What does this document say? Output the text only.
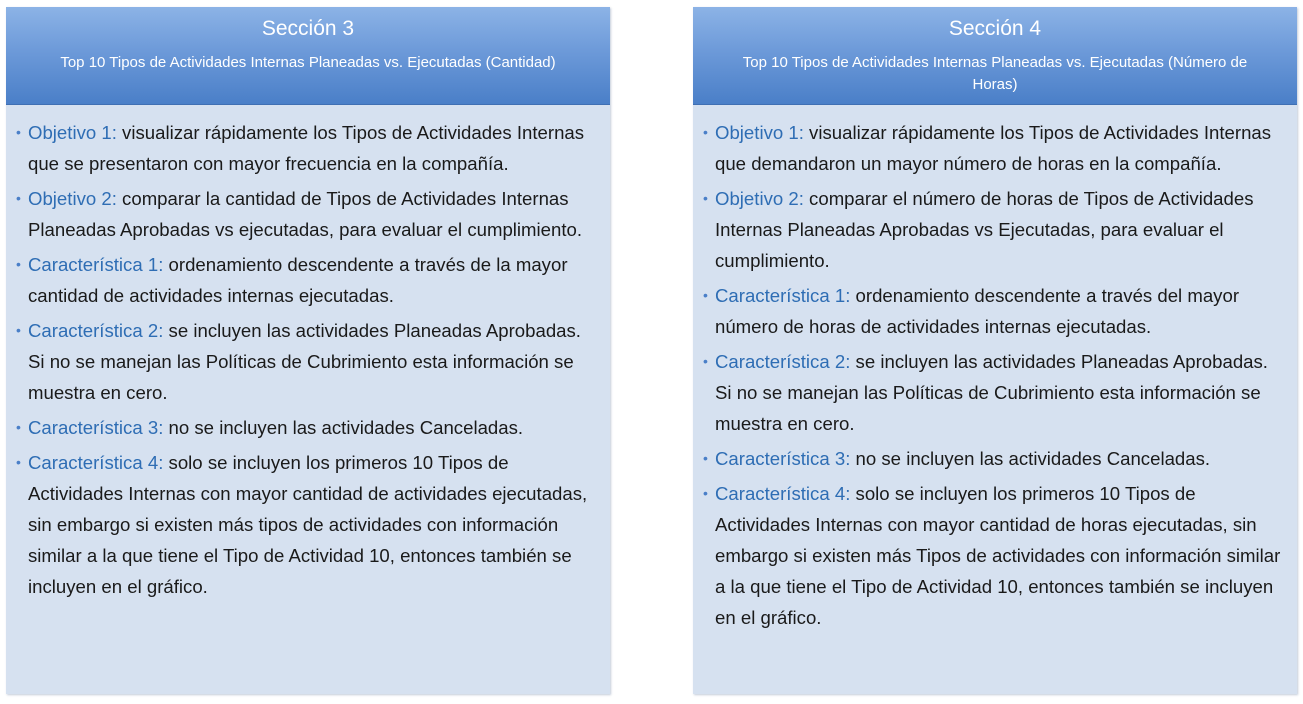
Sección 3

Top 10 Tipos de Actividades Internas Planeadas vs. Ejecutadas (Cantidad)

• Objetivo 1: visualizar rápidamente los Tipos de Actividades Internas que se presentaron con mayor frecuencia en la compañía.
• Objetivo 2: comparar la cantidad de Tipos de Actividades Internas Planeadas Aprobadas vs ejecutadas, para evaluar el cumplimiento.
• Característica 1: ordenamiento descendente a través de la mayor cantidad de actividades internas ejecutadas.
• Característica 2: se incluyen las actividades Planeadas Aprobadas. Si no se manejan las Políticas de Cubrimiento esta información se muestra en cero.
• Característica 3: no se incluyen las actividades Canceladas.
• Característica 4: solo se incluyen los primeros 10 Tipos de Actividades Internas con mayor cantidad de actividades ejecutadas, sin embargo si existen más tipos de actividades con información similar a la que tiene el Tipo de Actividad 10, entonces también se incluyen en el gráfico.
Sección 4

Top 10 Tipos de Actividades Internas Planeadas vs. Ejecutadas (Número de Horas)

• Objetivo 1: visualizar rápidamente los Tipos de Actividades Internas que demandaron un mayor número de horas en la compañía.
• Objetivo 2: comparar el número de horas de Tipos de Actividades Internas Planeadas Aprobadas vs Ejecutadas, para evaluar el cumplimiento.
• Característica 1: ordenamiento descendente a través del mayor número de horas de actividades internas ejecutadas.
• Característica 2: se incluyen las actividades Planeadas Aprobadas. Si no se manejan las Políticas de Cubrimiento esta información se muestra en cero.
• Característica 3: no se incluyen las actividades Canceladas.
• Característica 4: solo se incluyen los primeros 10 Tipos de Actividades Internas con mayor cantidad de horas ejecutadas, sin embargo si existen más Tipos de actividades con información similar a la que tiene el Tipo de Actividad 10, entonces también se incluyen en el gráfico.
